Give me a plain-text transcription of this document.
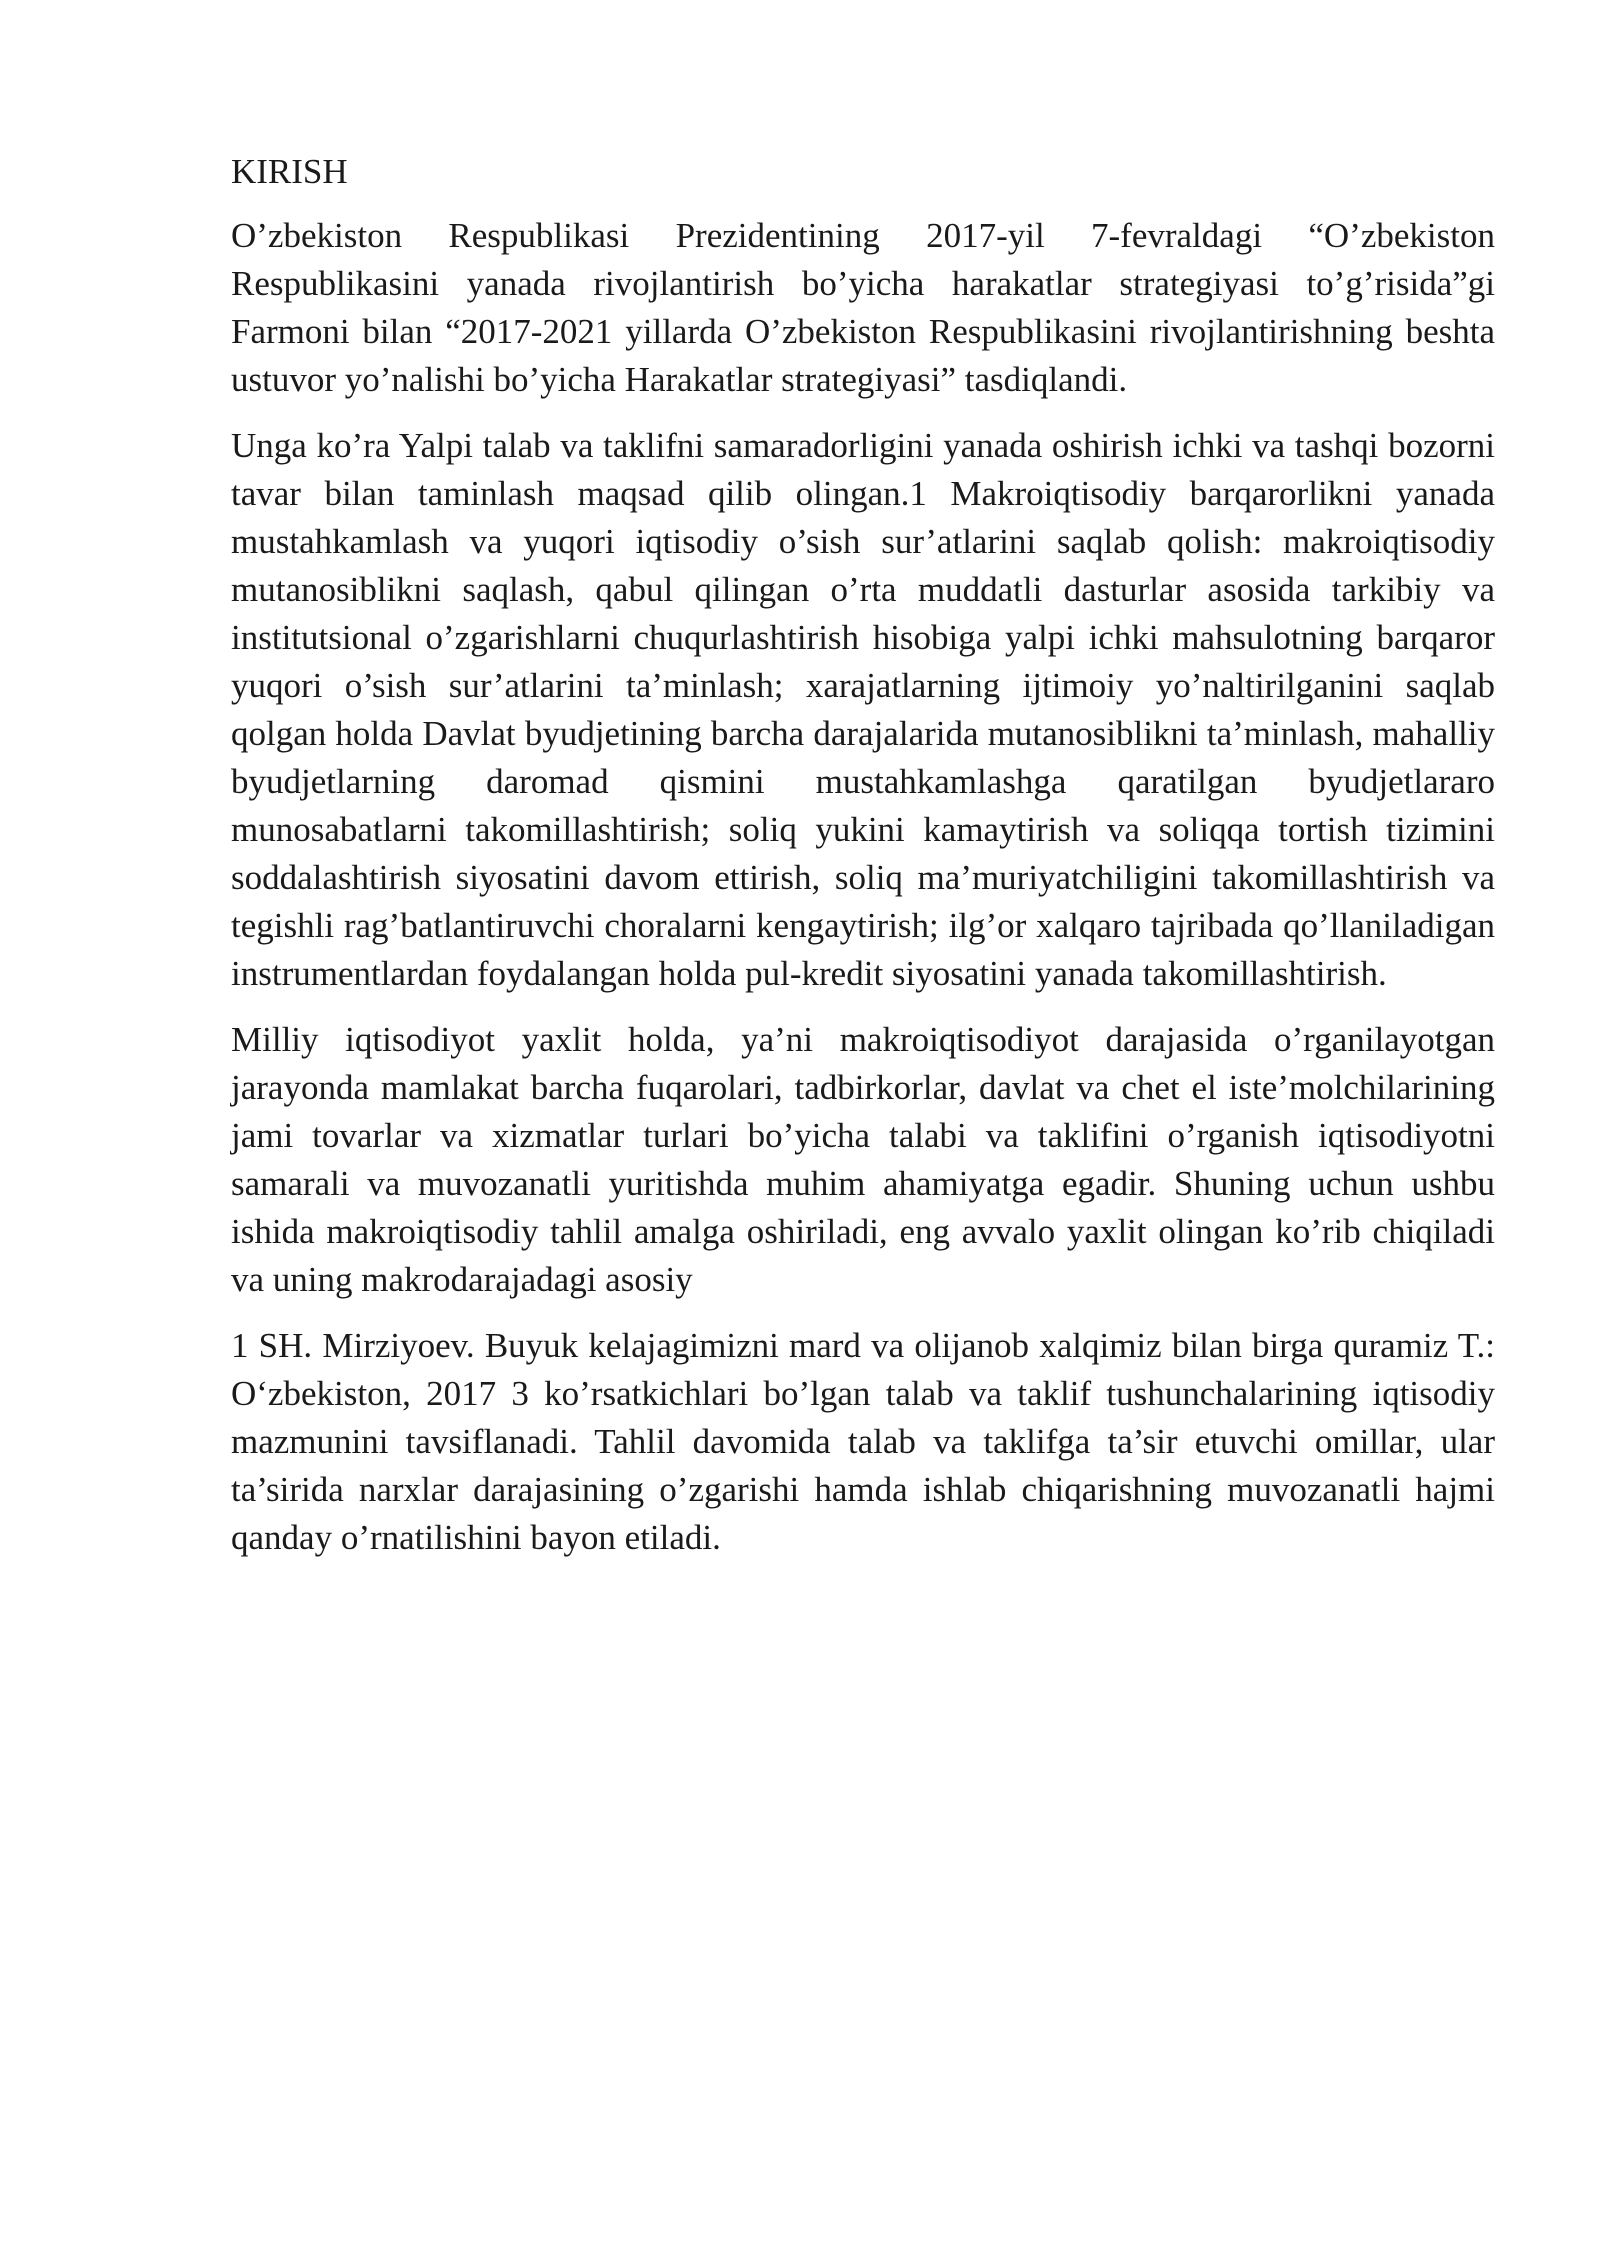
KIRISH

O’zbekiston Respublikasi Prezidentining 2017-yil 7-fevraldagi “O’zbekiston Respublikasini yanada rivojlantirish bo’yicha harakatlar strategiyasi to’g’risida”gi Farmoni bilan “2017-2021 yillarda O’zbekiston Respublikasini rivojlantirishning beshta ustuvor yo’nalishi bo’yicha Harakatlar strategiyasi” tasdiqlandi.

Unga ko’ra Yalpi talab va taklifni samaradorligini yanada oshirish ichki va tashqi bozorni tavar bilan taminlash maqsad qilib olingan.1 Makroiqtisodiy barqarorlikni yanada mustahkamlash va yuqori iqtisodiy o’sish sur’atlarini saqlab qolish: makroiqtisodiy mutanosiblikni saqlash, qabul qilingan o’rta muddatli dasturlar asosida tarkibiy va institutsional o’zgarishlarni chuqurlashtirish hisobiga yalpi ichki mahsulotning barqaror yuqori o’sish sur’atlarini ta’minlash; xarajatlarning ijtimoiy yo’naltirilganini saqlab qolgan holda Davlat byudjetining barcha darajalarida mutanosiblikni ta’minlash, mahalliy byudjetlarning daromad qismini mustahkamlashga qaratilgan byudjetlararo munosabatlarni takomillashtirish; soliq yukini kamaytirish va soliqqa tortish tizimini soddalashtirish siyosatini davom ettirish, soliq ma’muriyatchiligini takomillashtirish va tegishli rag’batlantiruvchi choralarni kengaytirish; ilg’or xalqaro tajribada qo’llaniladigan instrumentlardan foydalangan holda pul-kredit siyosatini yanada takomillashtirish.

Milliy iqtisodiyot yaxlit holda, ya’ni makroiqtisodiyot darajasida o’rganilayotgan jarayonda mamlakat barcha fuqarolari, tadbirkorlar, davlat va chet el iste’molchilarining jami tovarlar va xizmatlar turlari bo’yicha talabi va taklifini o’rganish iqtisodiyotni samarali va muvozanatli yuritishda muhim ahamiyatga egadir. Shuning uchun ushbu ishida makroiqtisodiy tahlil amalga oshiriladi, eng avvalo yaxlit olingan ko’rib chiqiladi va uning makrodarajadagi asosiy

1 SH. Mirziyoev. Buyuk kelajagimizni mard va olijanob xalqimiz bilan birga quramiz T.: O‘zbekiston, 2017 3 ko’rsatkichlari bo’lgan talab va taklif tushunchalarining iqtisodiy mazmunini tavsiflanadi. Tahlil davomida talab va taklifga ta’sir etuvchi omillar, ular ta’sirida narxlar darajasining o’zgarishi hamda ishlab chiqarishning muvozanatli hajmi qanday o’rnatilishini bayon etiladi.
